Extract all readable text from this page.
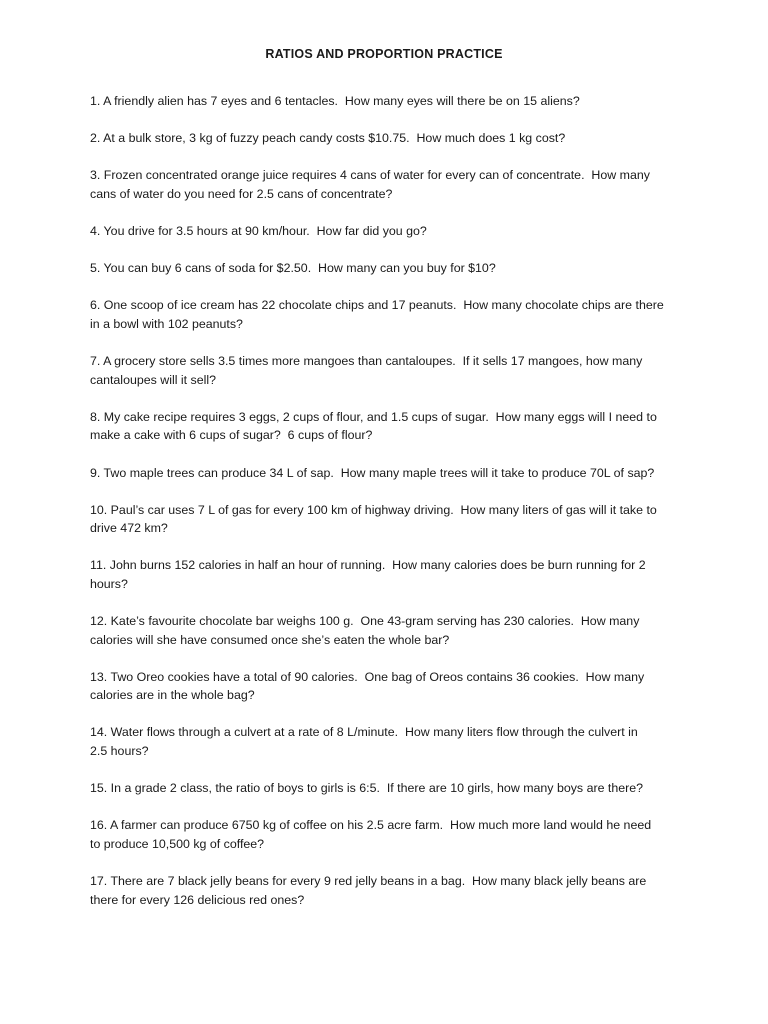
RATIOS AND PROPORTION PRACTICE
1. A friendly alien has 7 eyes and 6 tentacles.  How many eyes will there be on 15 aliens?
2. At a bulk store, 3 kg of fuzzy peach candy costs $10.75.  How much does 1 kg cost?
3. Frozen concentrated orange juice requires 4 cans of water for every can of concentrate.  How many
cans of water do you need for 2.5 cans of concentrate?
4. You drive for 3.5 hours at 90 km/hour.  How far did you go?
5. You can buy 6 cans of soda for $2.50.  How many can you buy for $10?
6. One scoop of ice cream has 22 chocolate chips and 17 peanuts.  How many chocolate chips are there
in a bowl with 102 peanuts?
7. A grocery store sells 3.5 times more mangoes than cantaloupes.  If it sells 17 mangoes, how many
cantaloupes will it sell?
8. My cake recipe requires 3 eggs, 2 cups of flour, and 1.5 cups of sugar.  How many eggs will I need to
make a cake with 6 cups of sugar?  6 cups of flour?
9. Two maple trees can produce 34 L of sap.  How many maple trees will it take to produce 70L of sap?
10. Paul’s car uses 7 L of gas for every 100 km of highway driving.  How many liters of gas will it take to
drive 472 km?
11. John burns 152 calories in half an hour of running.  How many calories does be burn running for 2
hours?
12. Kate’s favourite chocolate bar weighs 100 g.  One 43-gram serving has 230 calories.  How many
calories will she have consumed once she’s eaten the whole bar?
13. Two Oreo cookies have a total of 90 calories.  One bag of Oreos contains 36 cookies.  How many
calories are in the whole bag?
14. Water flows through a culvert at a rate of 8 L/minute.  How many liters flow through the culvert in
2.5 hours?
15. In a grade 2 class, the ratio of boys to girls is 6:5.  If there are 10 girls, how many boys are there?
16. A farmer can produce 6750 kg of coffee on his 2.5 acre farm.  How much more land would he need
to produce 10,500 kg of coffee?
17. There are 7 black jelly beans for every 9 red jelly beans in a bag.  How many black jelly beans are
there for every 126 delicious red ones?
